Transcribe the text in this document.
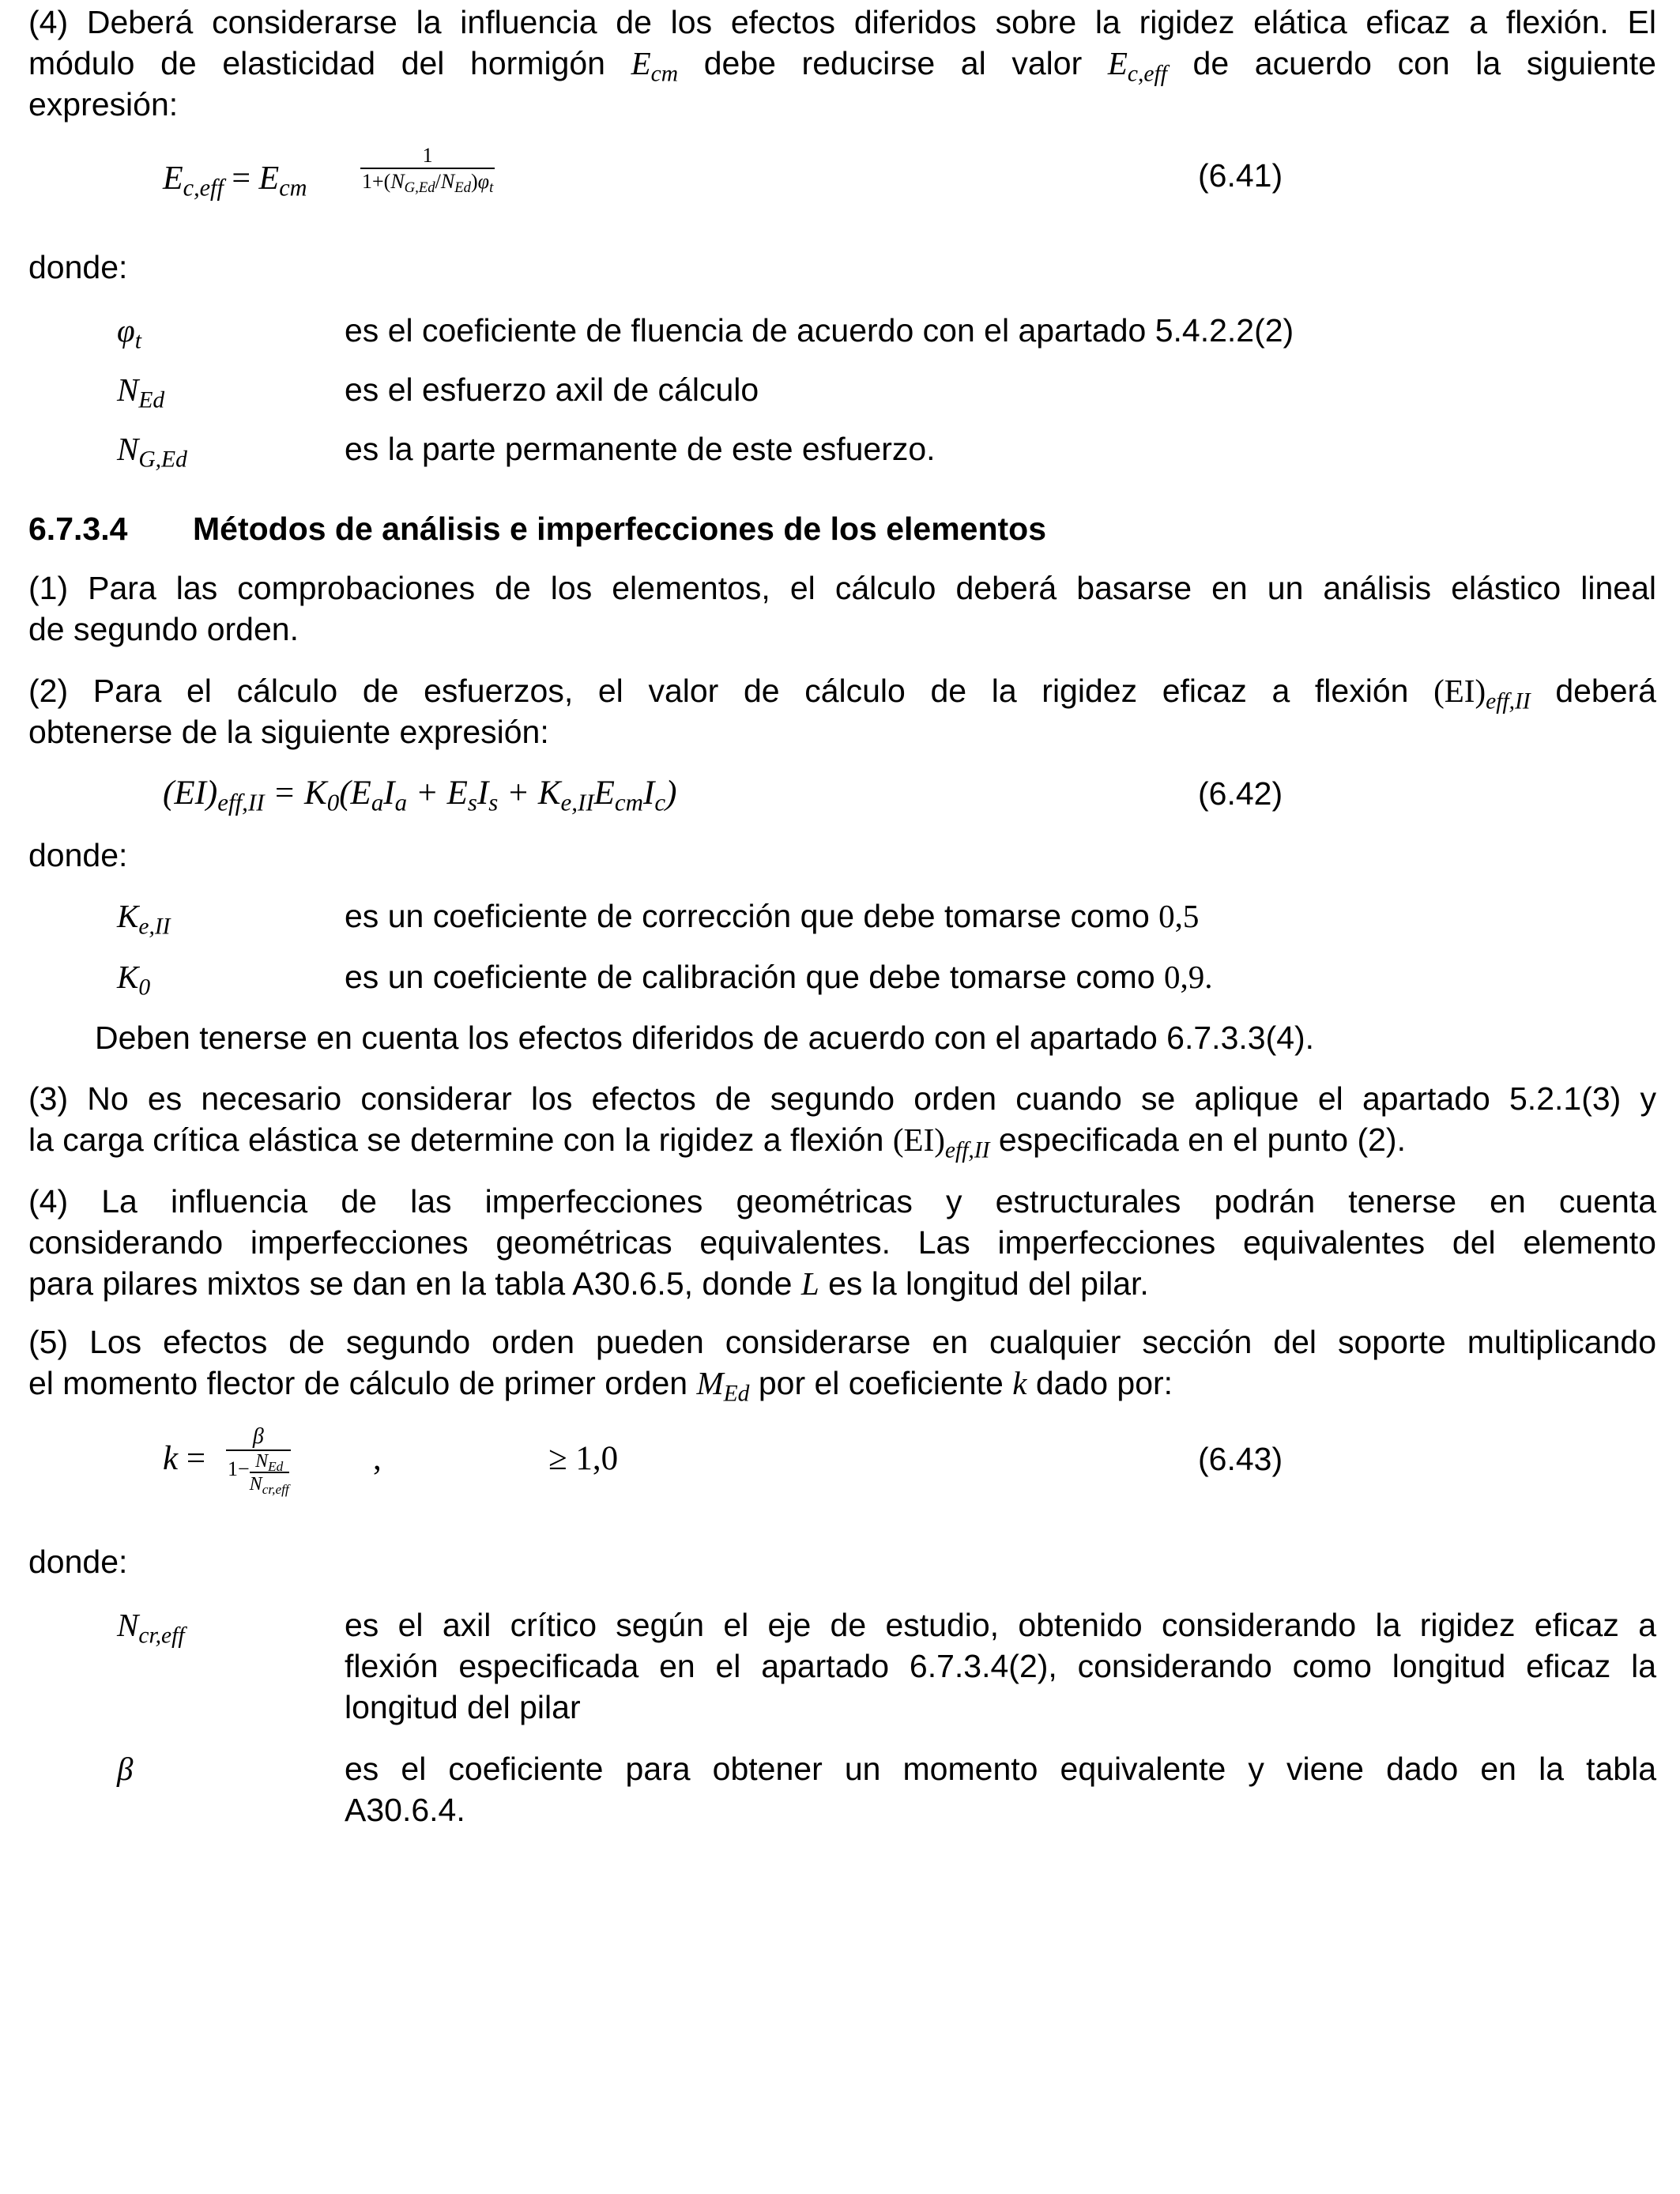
(4) Deberá considerarse la influencia de los efectos diferidos sobre la rigidez elática eficaz a flexión. El
módulo de elasticidad del hormigón $E_{cm}$ debe reducirse al valor $E_{c,eff}$ de acuerdo con la siguiente
expresión:
$E_{c,eff} = E_{cm}$
1
$1+(N_{G,Ed}/N_{Ed})\varphi_t$	(6.41)
donde:
$\varphi_t$	es el coeficiente de fluencia de acuerdo con el apartado 5.4.2.2(2)
$N_{Ed}$	es el esfuerzo axil de cálculo
$N_{G,Ed}$	es la parte permanente de este esfuerzo.
6.7.3.4 Métodos de análisis e imperfecciones de los elementos
(1) Para las comprobaciones de los elementos, el cálculo deberá basarse en un análisis elástico lineal
de segundo orden.
(2) Para el cálculo de esfuerzos, el valor de cálculo de la rigidez eficaz a flexión $(EI)_{eff,II}$ deberá
obtenerse de la siguiente expresión:
$(EI)_{eff,II} = K_0(E_aI_a + E_sI_s + K_{e,II}E_{cm}I_c)$	(6.42)
donde:
$K_{e,II}$	es un coeficiente de corrección que debe tomarse como 0,5
$K_0$	es un coeficiente de calibración que debe tomarse como 0,9.
Deben tenerse en cuenta los efectos diferidos de acuerdo con el apartado 6.7.3.3(4).
(3) No es necesario considerar los efectos de segundo orden cuando se aplique el apartado 5.2.1(3) y
la carga crítica elástica se determine con la rigidez a flexión $(EI)_{eff,II}$ especificada en el punto (2).
(4) La influencia de las imperfecciones geométricas y estructurales podrán tenerse en cuenta
considerando imperfecciones geométricas equivalentes. Las imperfecciones equivalentes del elemento
para pilares mixtos se dan en la tabla A30.6.5, donde L es la longitud del pilar.
(5) Los efectos de segundo orden pueden considerarse en cualquier sección del soporte multiplicando
el momento flector de cálculo de primer orden $M_{Ed}$ por el coeficiente k dado por:
k =
β
$1- N_{Ed}$
$N_{cr,eff}$
,	≥ 1,0	(6.43)
donde:
$N_{cr,eff}$	es el axil crítico según el eje de estudio, obtenido considerando la rigidez eficaz a
flexión especificada en el apartado 6.7.3.4(2), considerando como longitud eficaz la
longitud del pilar
β	es el coeficiente para obtener un momento equivalente y viene dado en la tabla
A30.6.4.
